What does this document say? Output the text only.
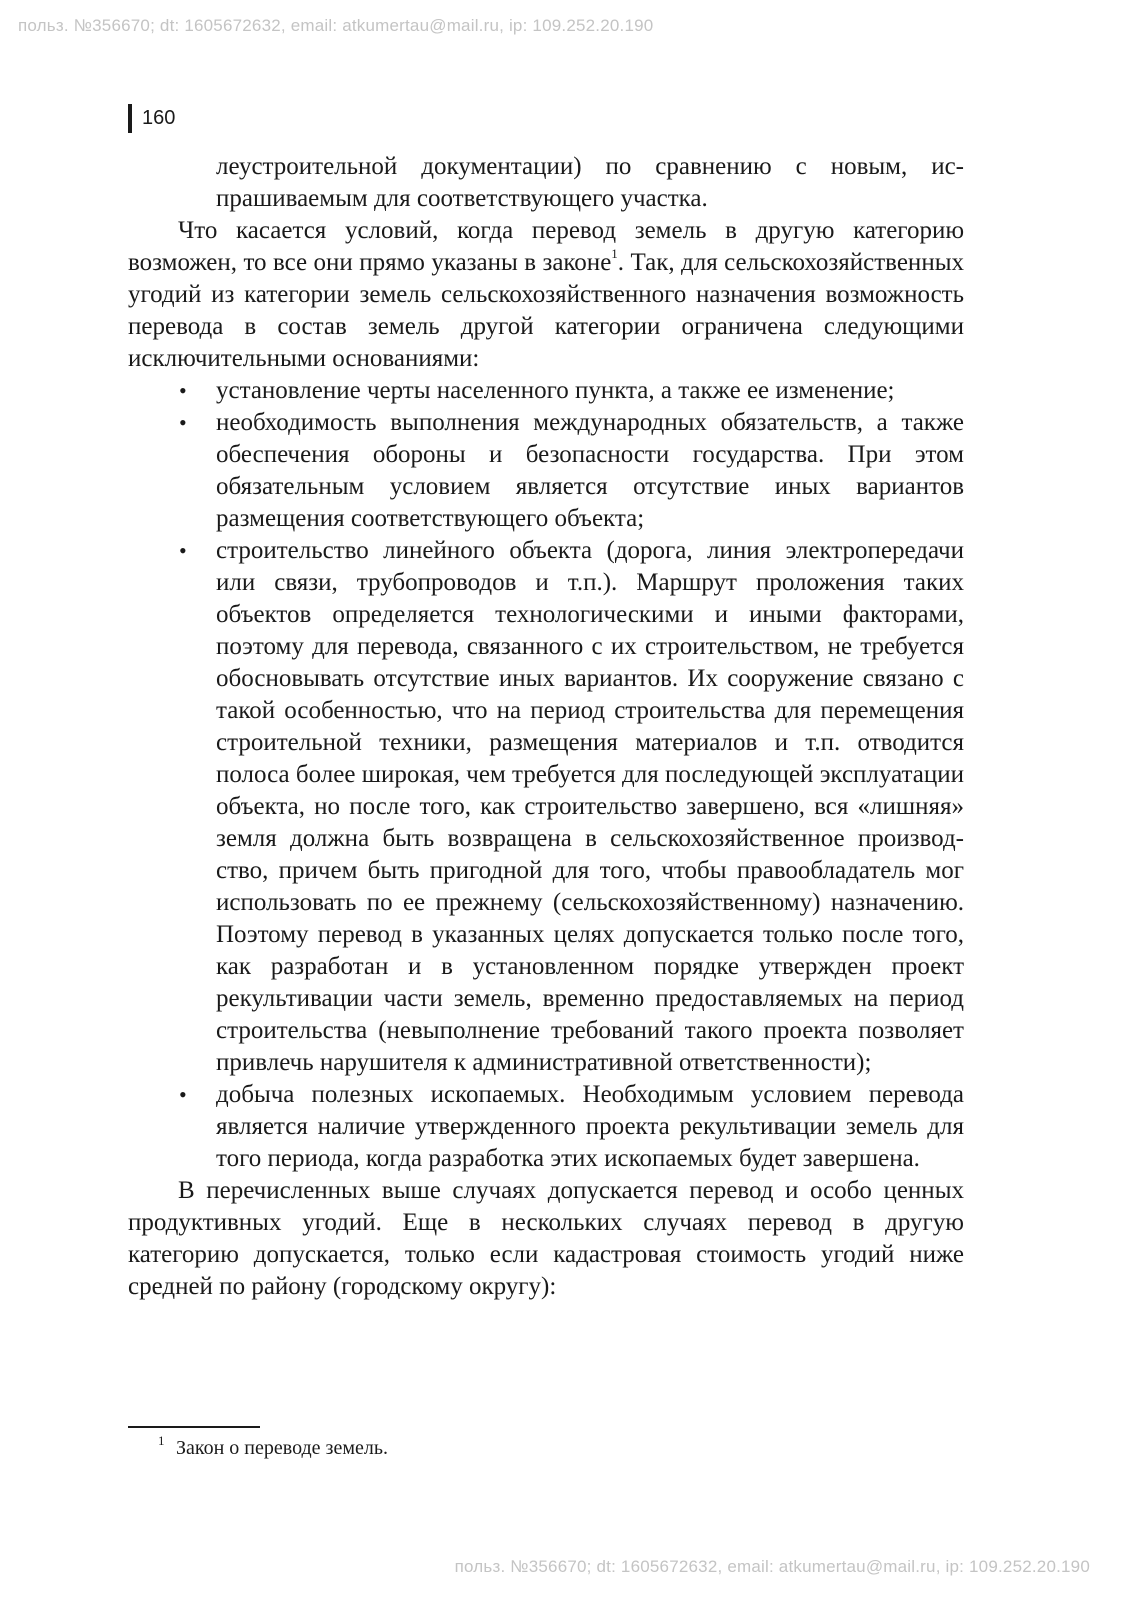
польз. №356670; dt: 1605672632, email: atkumertau@mail.ru, ip: 109.252.20.190
160

леустроительной документации) по сравнению с новым, испрашиваемым для соответствующего участка.

Что касается условий, когда перевод земель в другую категорию возможен, то все они прямо указаны в законе$^1$. Так, для сельскохозяйственных угодий из категории земель сельскохозяйственного назначения возможность перевода в состав земель другой категории ограничена следующими исключительными основаниями:

• установление черты населенного пункта, а также ее изменение;
• необходимость выполнения международных обязательств, а также обеспечения обороны и безопасности государства. При этом обязательным условием является отсутствие иных вариантов размещения соответствующего объекта;
• строительство линейного объекта (дорога, линия электропередачи или связи, трубопроводов и т.п.). Маршрут проложения таких объектов определяется технологическими и иными факторами, поэтому для перевода, связанного с их строительством, не требуется обосновывать отсутствие иных вариантов. Их сооружение связано с такой особенностью, что на период строительства для перемещения строительной техники, размещения материалов и т.п. отводится полоса более широкая, чем требуется для последующей эксплуатации объекта, но после того, как строительство завершено, вся «лишняя» земля должна быть возвращена в сельскохозяйственное производство, причем быть пригодной для того, чтобы правообладатель мог использовать по ее прежнему (сельскохозяйственному) назначению. Поэтому перевод в указанных целях допускается только после того, как разработан и в установленном порядке утвержден проект рекультивации части земель, временно предоставляемых на период строительства (невыполнение требований такого проекта позволяет привлечь нарушителя к административной ответственности);
• добыча полезных ископаемых. Необходимым условием перевода является наличие утвержденного проекта рекультивации земель для того периода, когда разработка этих ископаемых будет завершена.

В перечисленных выше случаях допускается перевод и особо ценных продуктивных угодий. Еще в нескольких случаях перевод в другую категорию допускается, только если кадастровая стоимость угодий ниже средней по району (городскому округу):

$^1$ Закон о переводе земель.
польз. №356670; dt: 1605672632, email: atkumertau@mail.ru, ip: 109.252.20.190
